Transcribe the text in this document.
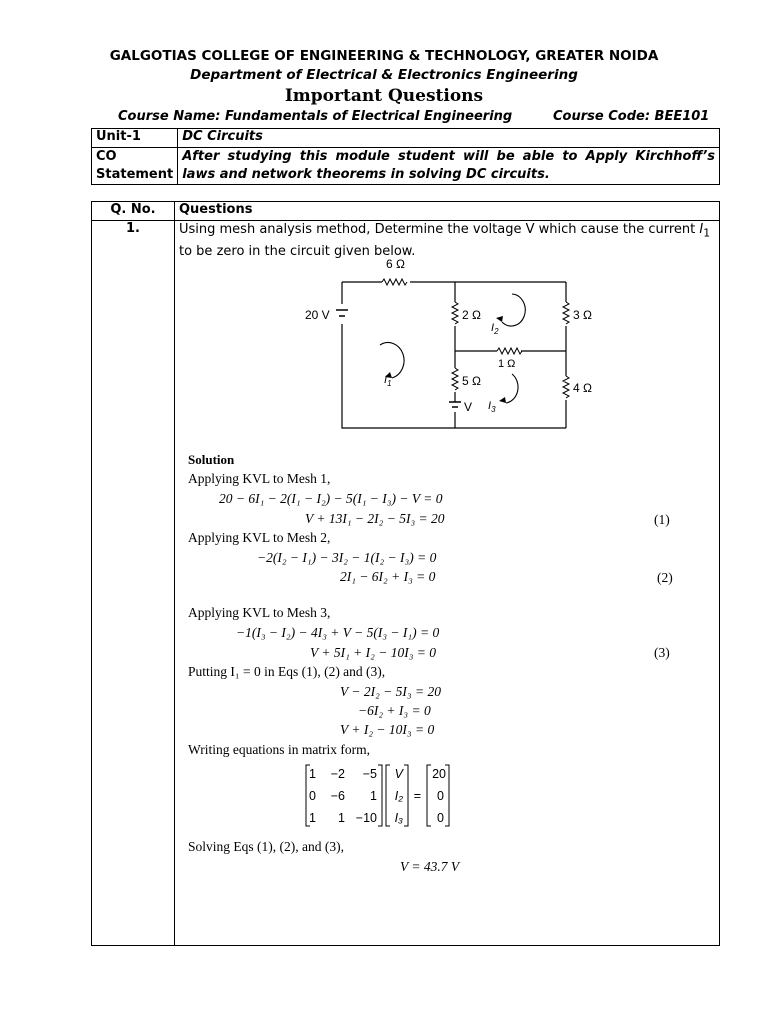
GALGOTIAS COLLEGE OF ENGINEERING & TECHNOLOGY, GREATER NOIDA
Department of Electrical & Electronics Engineering
Important Questions
Course Name: Fundamentals of Electrical Engineering	Course Code: BEE101
Unit-1	DC Circuits
CO
Statement	After studying this module student will be able to Apply Kirchhoff’s laws and network theorems in solving DC circuits.
Q. No.	Questions
1.	Using mesh analysis method, Determine the voltage V which cause the current $I_1$ to be zero in the circuit given below.
6 Ω
20 V	2 Ω	3 Ω
1 Ω
5 Ω	4 Ω
V
$I_1$
$I_2$
$I_3$
Solution
Applying KVL to Mesh 1,
20 − 6I₁ − 2(I₁ − I₂) − 5(I₁ − I₃) − V = 0
V + 13I₁ − 2I₂ − 5I₃ = 20	(1)
Applying KVL to Mesh 2,
−2(I₂ − I₁) − 3I₂ − 1(I₂ − I₃) = 0
2I₁ − 6I₂ + I₃ = 0	(2)
Applying KVL to Mesh 3,
−1(I₃ − I₂) − 4I₃ + V − 5(I₃ − I₁) = 0
V + 5I₁ + I₂ − 10I₃ = 0	(3)
Putting I₁ = 0 in Eqs (1), (2) and (3),
V − 2I₂ − 5I₃ = 20
−6I₂ + I₃ = 0
V + I₂ − 10I₃ = 0
Writing equations in matrix form,
1 −2 −5
0 −6 1
1 1 −10
V
I₂
I₃
=
20
0
0
Solving Eqs (1), (2), and (3),
V = 43.7 V
